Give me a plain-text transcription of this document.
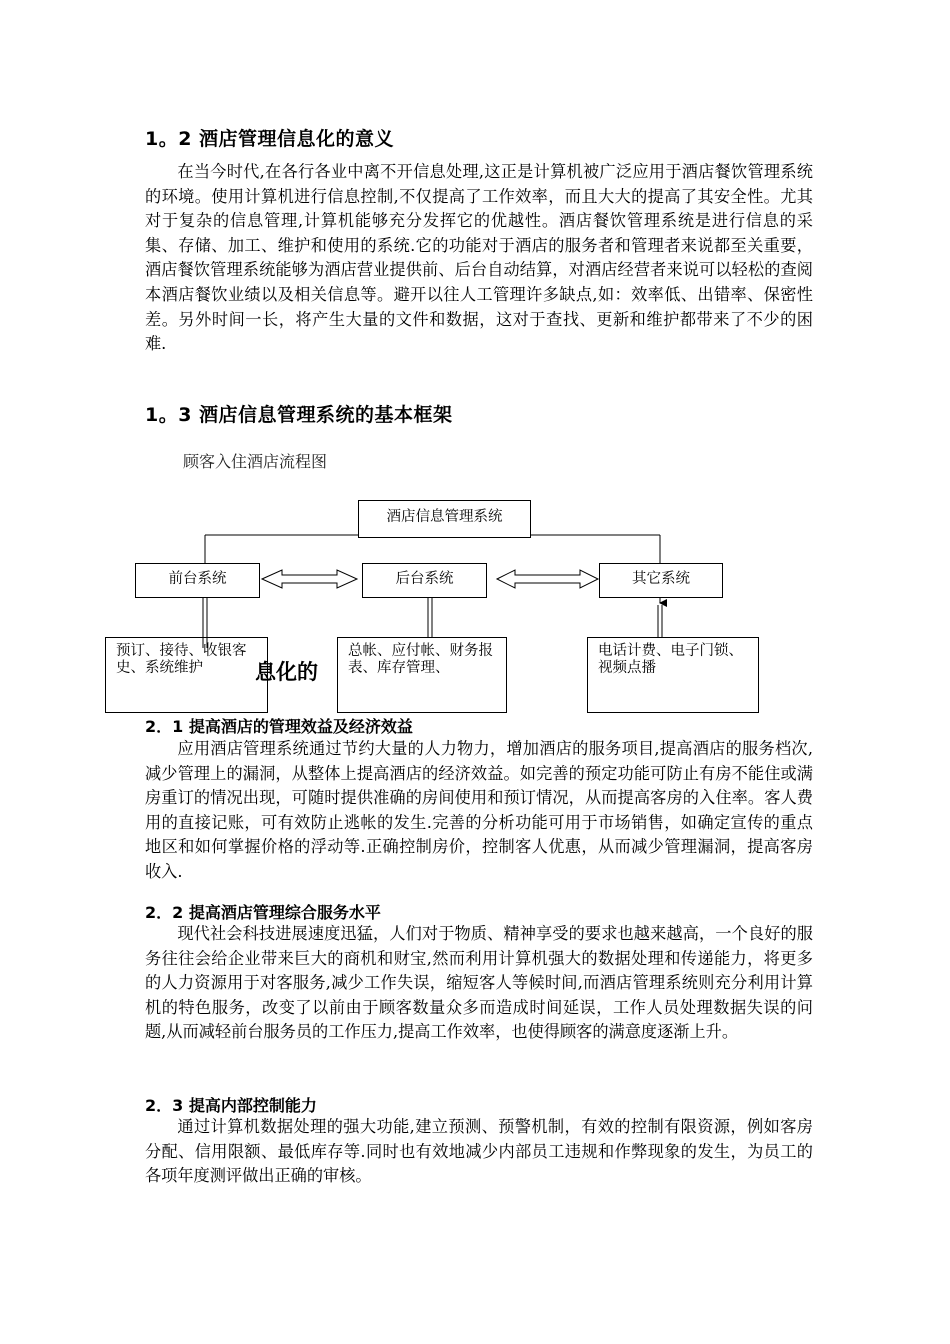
1。2 酒店管理信息化的意义

在当今时代,在各行各业中离不开信息处理,这正是计算机被广泛应用于酒店餐饮管理系统的环境。使用计算机进行信息控制,不仅提高了工作效率，而且大大的提高了其安全性。尤其对于复杂的信息管理,计算机能够充分发挥它的优越性。酒店餐饮管理系统是进行信息的采集、存储、加工、维护和使用的系统.它的功能对于酒店的服务者和管理者来说都至关重要， 酒店餐饮管理系统能够为酒店营业提供前、后台自动结算，对酒店经营者来说可以轻松的查阅本酒店餐饮业绩以及相关信息等。避开以往人工管理许多缺点,如：效率低、出错率、保密性差。另外时间一长，将产生大量的文件和数据，这对于查找、更新和维护都带来了不少的困难.

1。3 酒店信息管理系统的基本框架
顾客入住酒店流程图
息化的
酒店信息管理系统
前台系统	后台系统	其它系统
预订、接待、收银客史、系统维护
总帐、应付帐、财务报表、库存管理、
电话计费、电子门锁、视频点播
2．1 提高酒店的管理效益及经济效益

应用酒店管理系统通过节约大量的人力物力，增加酒店的服务项目,提高酒店的服务档次,减少管理上的漏洞，从整体上提高酒店的经济效益。如完善的预定功能可防止有房不能住或满房重订的情况出现，可随时提供准确的房间使用和预订情况，从而提高客房的入住率。客人费用的直接记账，可有效防止逃帐的发生.完善的分析功能可用于市场销售，如确定宣传的重点地区和如何掌握价格的浮动等.正确控制房价，控制客人优惠，从而减少管理漏洞，提高客房收入.

2．2 提高酒店管理综合服务水平

现代社会科技进展速度迅猛，人们对于物质、精神享受的要求也越来越高，一个良好的服务往往会给企业带来巨大的商机和财宝,然而利用计算机强大的数据处理和传递能力，将更多的人力资源用于对客服务,减少工作失误，缩短客人等候时间,而酒店管理系统则充分利用计算机的特色服务，改变了以前由于顾客数量众多而造成时间延误，工作人员处理数据失误的问题,从而减轻前台服务员的工作压力,提高工作效率，也使得顾客的满意度逐渐上升。

2．3 提高内部控制能力

通过计算机数据处理的强大功能,建立预测、预警机制，有效的控制有限资源，例如客房分配、信用限额、最低库存等.同时也有效地减少内部员工违规和作弊现象的发生，为员工的各项年度测评做出正确的审核。
